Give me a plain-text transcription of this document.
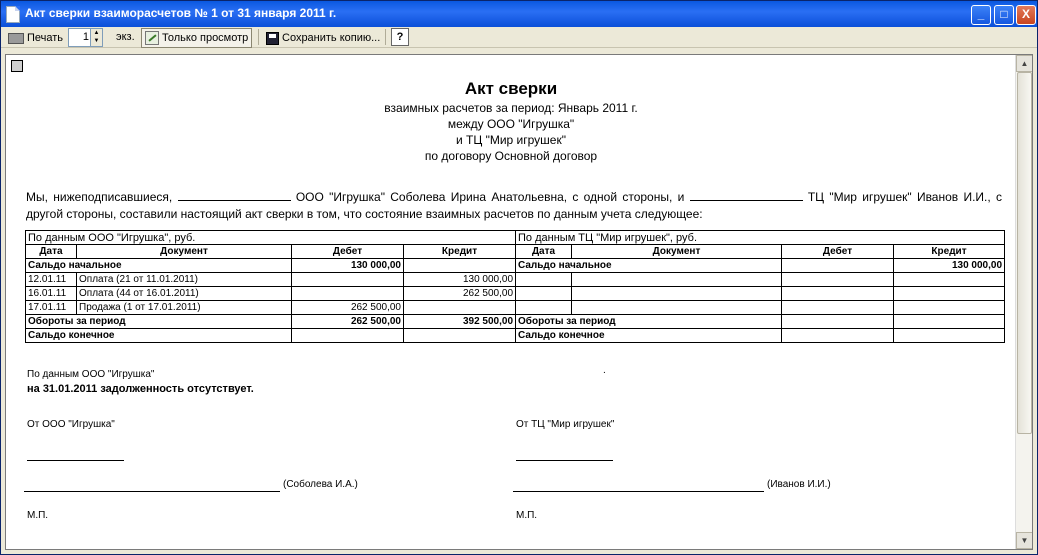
Акт сверки взаиморасчетов № 1 от 31 января 2011 г.	_	□	X
Печать	1 ▲
▼ экз.	Только просмотр	Сохранить копию...	?
Акт сверки
взаимных расчетов за период: Январь 2011 г.
между ООО "Игрушка"
и ТЦ "Мир игрушек"
по договору Основной договор
Мы, нижеподписавшиеся,	ООО "Игрушка" Соболева Ирина Анатольевна, с одной стороны, и	ТЦ "Мир игрушек" Иванов И.И., с другой стороны, составили настоящий акт сверки в том, что состояние взаимных расчетов по данным учета следующее:
По данным ООО "Игрушка", руб.				По данным ТЦ "Мир игрушек", руб.			
Дата	Документ	Дебет	Кредит	Дата	Документ	Дебет	Кредит
Сальдо начальное		130 000,00		Сальдо начальное			130 000,00
12.01.11	Оплата (21 от 11.01.2011)		130 000,00				
16.01.11	Оплата (44 от 16.01.2011)		262 500,00				
17.01.11	Продажа (1 от 17.01.2011)	262 500,00					
Обороты за период		262 500,00	392 500,00	Обороты за период			
Сальдо конечное				Сальдо конечное			
По данным ООО "Игрушка"	.
на 31.01.2011 задолженность отсутствует.
От ООО "Игрушка"	От ТЦ "Мир игрушек"
(Соболева И.А.)	(Иванов И.И.)
М.П.	М.П.
▲
▼
